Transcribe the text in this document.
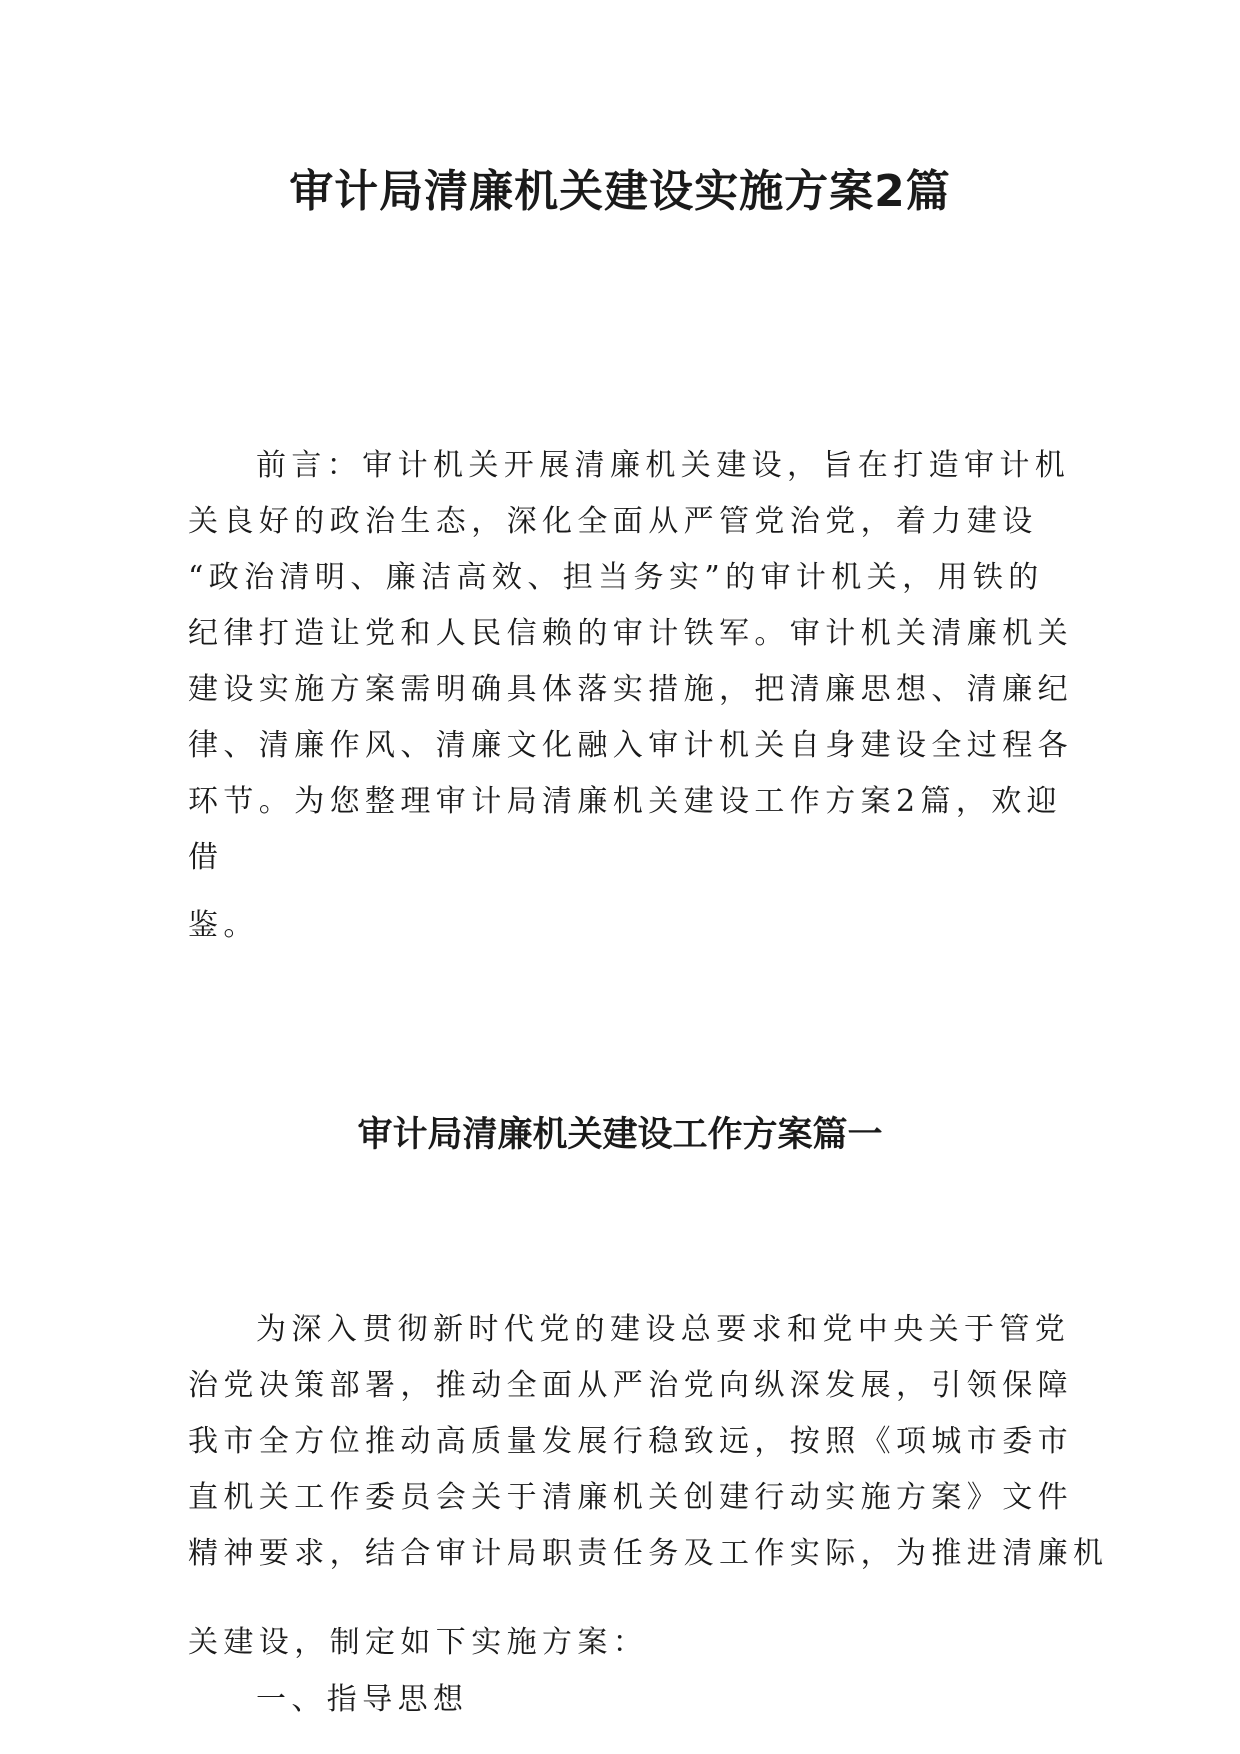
审计局清廉机关建设实施方案2篇
前言：审计机关开展清廉机关建设，旨在打造审计机
关良好的政治生态，深化全面从严管党治党，着力建设
“政治清明、廉洁高效、担当务实”的审计机关，用铁的
纪律打造让党和人民信赖的审计铁军。审计机关清廉机关
建设实施方案需明确具体落实措施，把清廉思想、清廉纪
律、清廉作风、清廉文化融入审计机关自身建设全过程各
环节。为您整理审计局清廉机关建设工作方案2篇，欢迎
借
鉴。
审计局清廉机关建设工作方案篇一
为深入贯彻新时代党的建设总要求和党中央关于管党
治党决策部署，推动全面从严治党向纵深发展，引领保障
我市全方位推动高质量发展行稳致远，按照《项城市委市
直机关工作委员会关于清廉机关创建行动实施方案》文件
精神要求，结合审计局职责任务及工作实际，为推进清廉机
关建设，制定如下实施方案：
一、指导思想
